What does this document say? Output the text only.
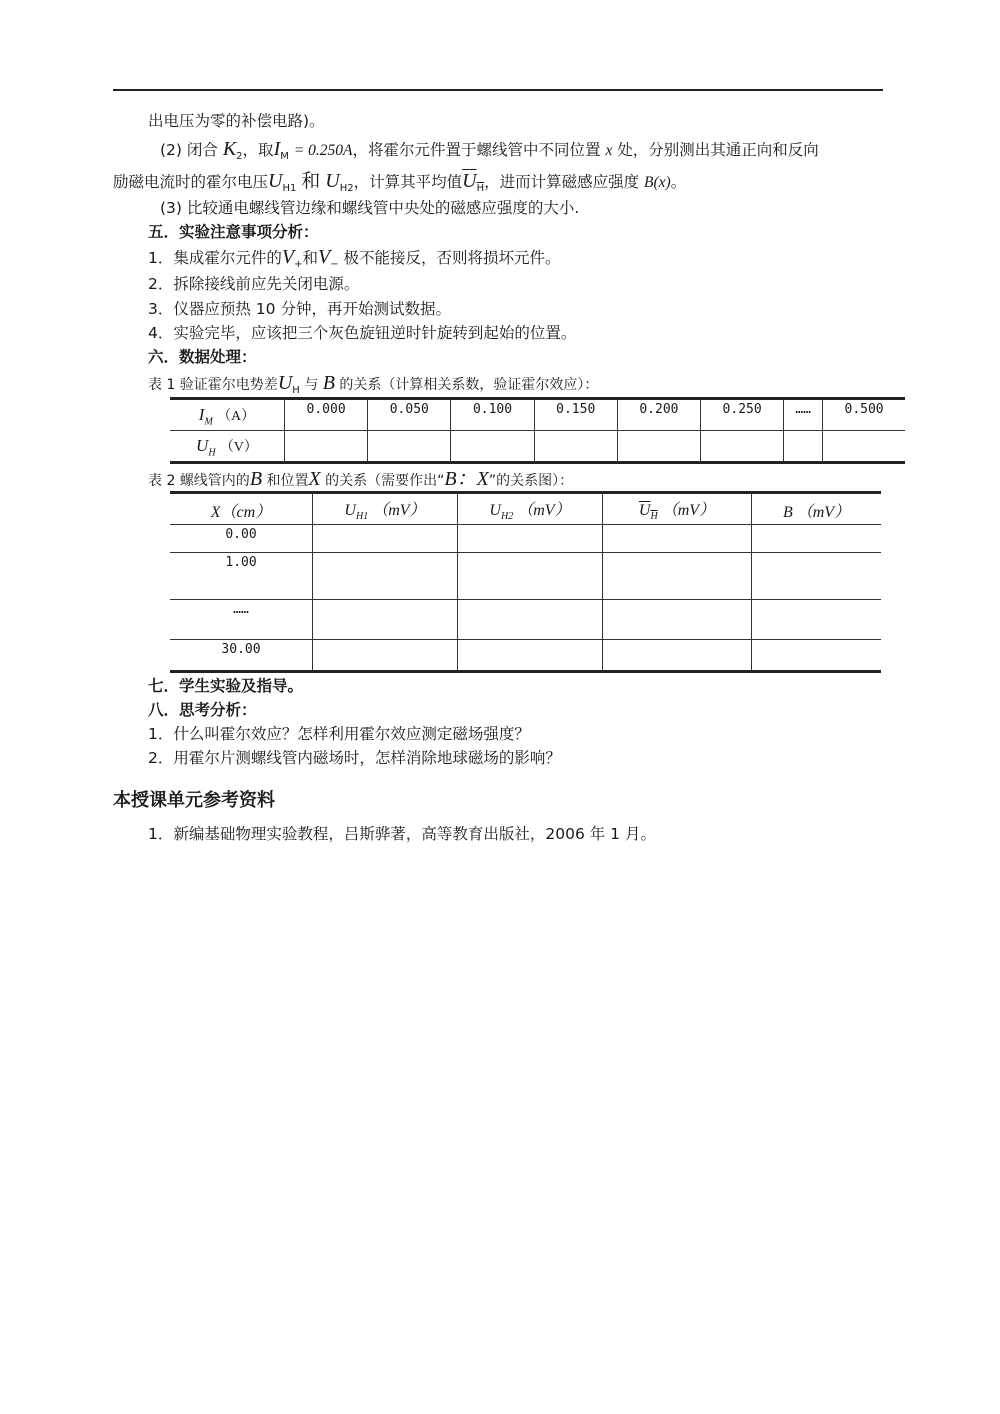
出电压为零的补偿电路)。
(2) 闭合 $K_2$，取$I_M = 0.250A$，将霍尔元件置于螺线管中不同位置 x 处，分别测出其通正向和反向
励磁电流时的霍尔电压$U_{H1}$ 和 $U_{H2}$，计算其平均值$U_H$，进而计算磁感应强度 B(x)。
(3) 比较通电螺线管边缘和螺线管中央处的磁感应强度的大小.
五．实验注意事项分析：
1．集成霍尔元件的$V_+$和$V_-$ 极不能接反，否则将损坏元件。
2．拆除接线前应先关闭电源。
3．仪器应预热 10 分钟，再开始测试数据。
4．实验完毕，应该把三个灰色旋钮逆时针旋转到起始的位置。
六．数据处理：
表 1 验证霍尔电势差$U_H$ 与 B 的关系（计算相关系数，验证霍尔效应）：
$I_M$ （A）	0.000	0.050	0.100	0.150	0.200	0.250	……	0.500
$U_H$ （V）								
表 2 螺线管内的B 和位置X 的关系（需要作出“B：X”的关系图）：
X（cm）	$U_{H1}$ （mV）	$U_{H2}$ （mV）	$U_H$ （mV）	B （mV）
0.00				
1.00				
……				
30.00				
七．学生实验及指导。
八．思考分析：
1．什么叫霍尔效应？怎样利用霍尔效应测定磁场强度？
2．用霍尔片测螺线管内磁场时，怎样消除地球磁场的影响？
本授课单元参考资料
1．新编基础物理实验教程，吕斯骅著，高等教育出版社，2006 年 1 月。
